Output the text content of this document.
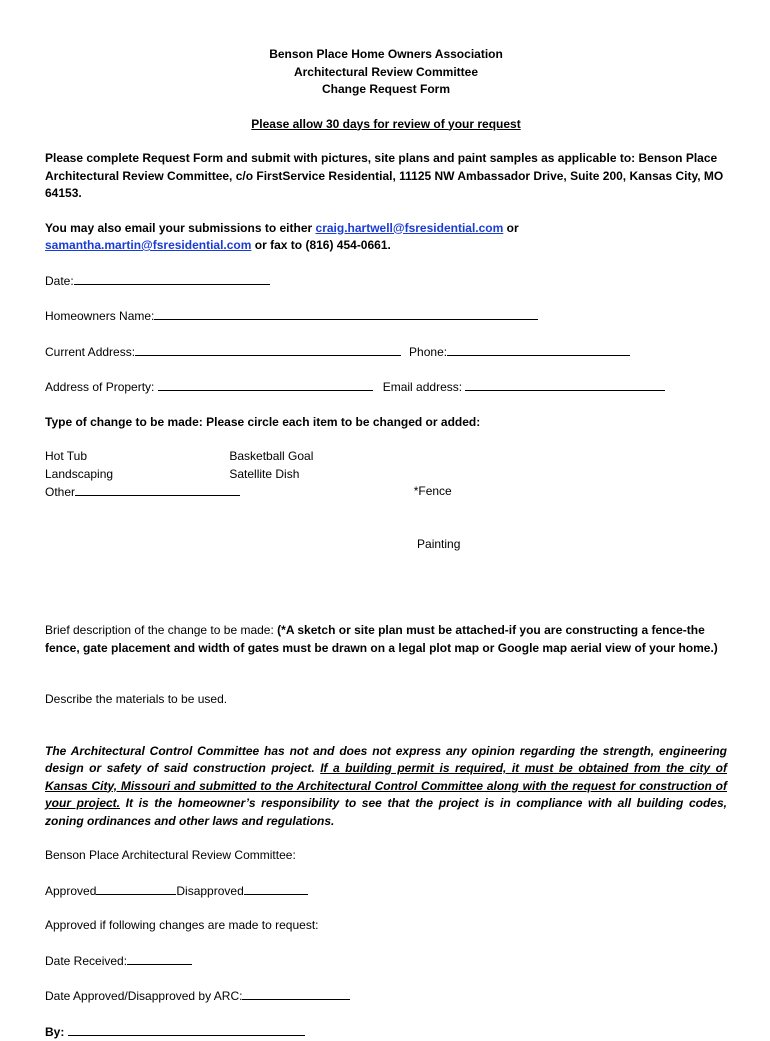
Benson Place Home Owners Association
Architectural Review Committee
Change Request Form
Please allow 30 days for review of your request
Please complete Request Form and submit with pictures, site plans and paint samples as applicable to: Benson Place Architectural Review Committee, c/o FirstService Residential, 11125 NW Ambassador Drive, Suite 200, Kansas City, MO 64153.
You may also email your submissions to either craig.hartwell@fsresidential.com or
samantha.martin@fsresidential.com or fax to (816) 454-0661.
Date:
Homeowners Name:
Current Address:	Phone:
Address of Property:	Email address:
Type of change to be made: Please circle each item to be changed or added:
Hot Tub
Landscaping
Other

Basketball Goal
Satellite Dish

*Fence

Painting

Brief description of the change to be made: (*A sketch or site plan must be attached-if you are constructing a fence-the fence, gate placement and width of gates must be drawn on a legal plot map or Google map aerial view of your home.)
Describe the materials to be used.
The Architectural Control Committee has not and does not express any opinion regarding the strength, engineering design or safety of said construction project. If a building permit is required, it must be obtained from the city of Kansas City, Missouri and submitted to the Architectural Control Committee along with the request for construction of your project. It is the homeowner’s responsibility to see that the project is in compliance with all building codes, zoning ordinances and other laws and regulations.
Benson Place Architectural Review Committee:
Approved	Disapproved
Approved if following changes are made to request:
Date Received:
Date Approved/Disapproved by ARC:
By:
